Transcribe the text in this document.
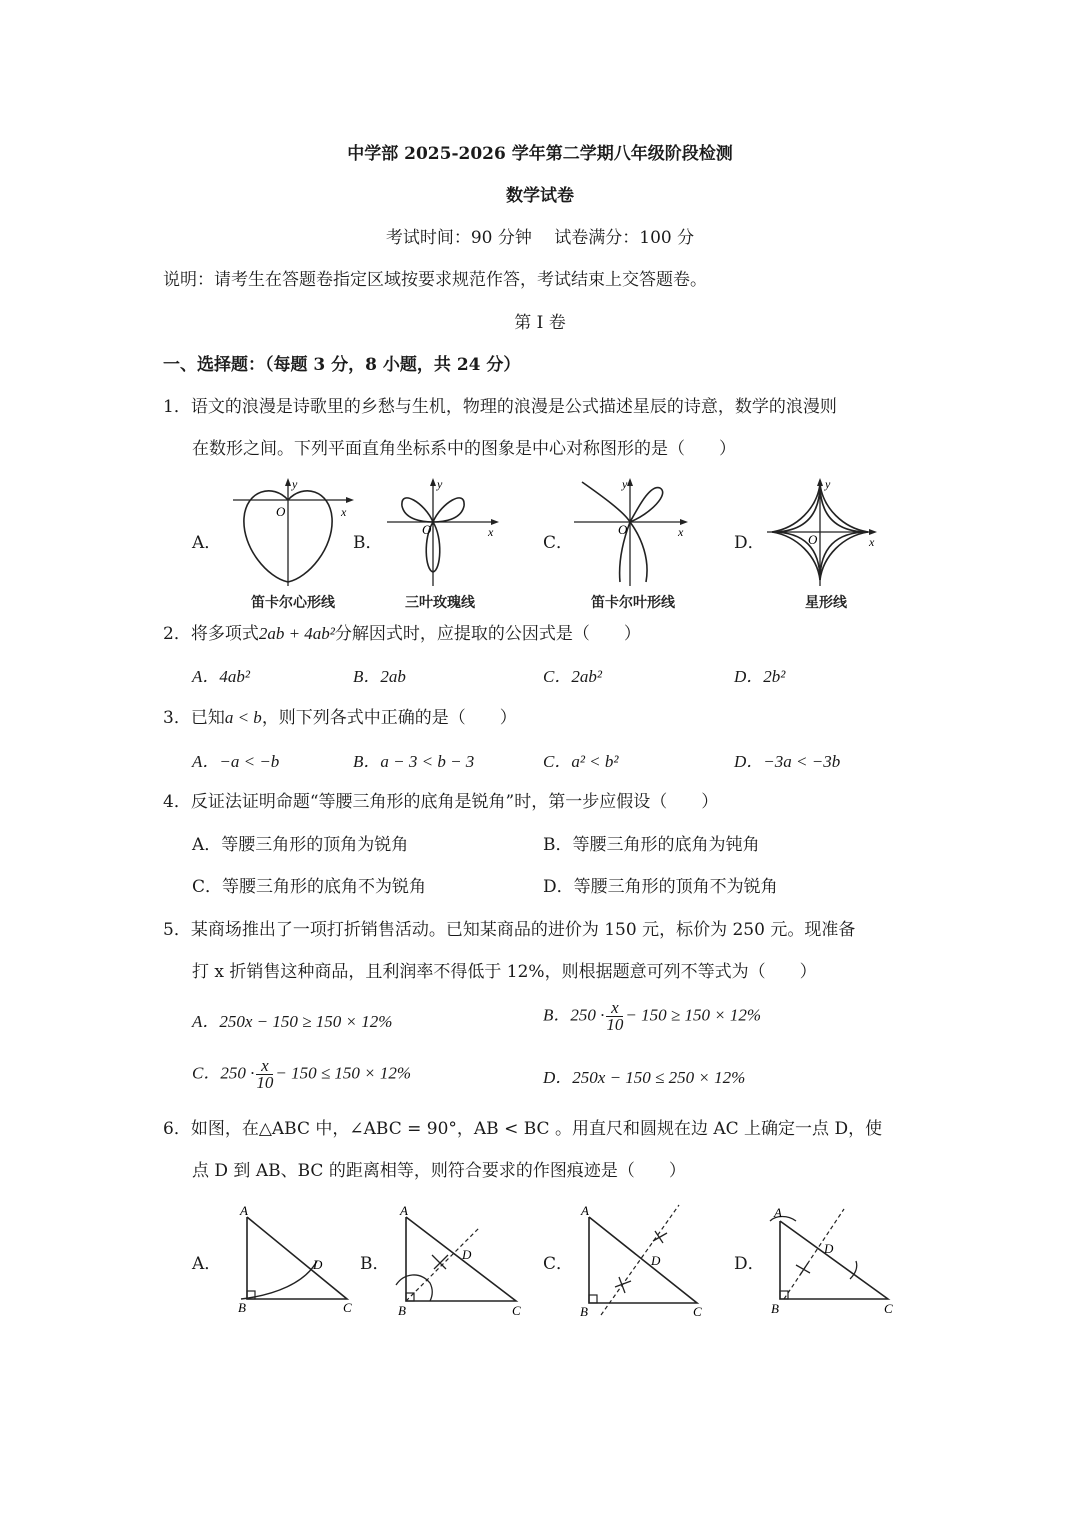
中学部 2025-2026 学年第二学期八年级阶段检测
数学试卷
考试时间：90 分钟　 试卷满分：100 分
说明：请考生在答题卷指定区域按要求规范作答，考试结束上交答题卷。
第 I 卷
一、选择题：（每题 3 分，8 小题，共 24 分）
1．语文的浪漫是诗歌里的乡愁与生机，物理的浪漫是公式描述星辰的诗意，数学的浪漫则
在数形之间。下列平面直角坐标系中的图象是中心对称图形的是（　　）
A．
O	x
y
笛卡尔心形线
B．
O	x
y
三叶玫瑰线
C．
O	x
y
笛卡尔叶形线
D．	O	x
y
星形线
2．将多项式2ab + 4ab²分解因式时，应提取的公因式是（　　）
A．4ab²	B．2ab	C．2ab²	D．2b²
3．已知a < b，则下列各式中正确的是（　　）
A．−a < −b	B．a − 3 < b − 3	C．a² < b²	D．−3a < −3b
4．反证法证明命题“等腰三角形的底角是锐角”时，第一步应假设（　　）
A．等腰三角形的顶角为锐角	B．等腰三角形的底角为钝角
C．等腰三角形的底角不为锐角	D．等腰三角形的顶角不为锐角
5．某商场推出了一项打折销售活动。已知某商品的进价为 150 元，标价为 250 元。现准备
打 x 折销售这种商品，且利润率不得低于 12%，则根据题意可列不等式为（　　）
A．250x − 150 ≥ 150 × 12%	B．$250 \cdot \frac{x}{10} - 150 \ge 150 \times 12\%$
C．$250 \cdot \frac{x}{10} - 150 \le 150 \times 12\%$	D．250x − 150 ≤ 250 × 12%
6．如图，在△ABC 中，∠ABC = 90°，AB < BC 。用直尺和圆规在边 AC 上确定一点 D，使
点 D 到 AB、BC 的距离相等，则符合要求的作图痕迹是（　　）
A．
A
B	C
D B．
A
B	C
D	C．
A
B	C
D	D．
A
B	C
D
